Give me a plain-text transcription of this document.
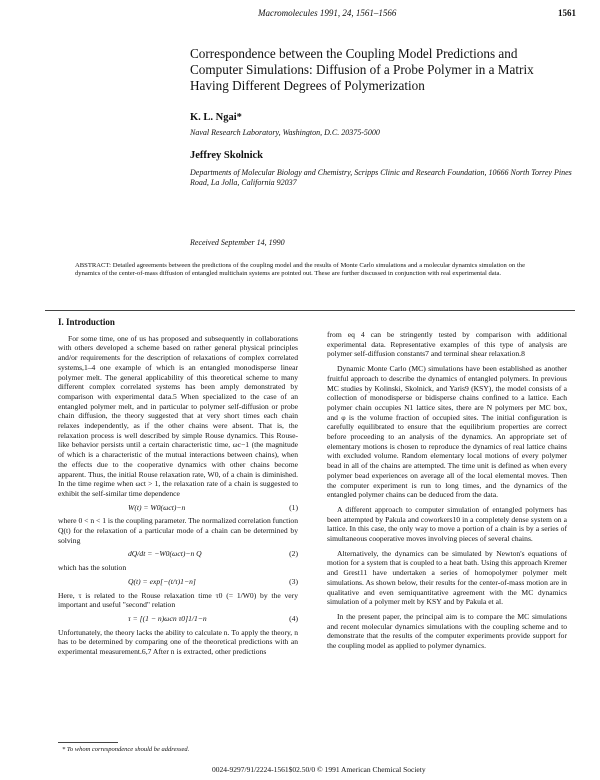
Macromolecules 1991, 24, 1561–1566	1561
Correspondence between the Coupling Model Predictions and Computer Simulations: Diffusion of a Probe Polymer in a Matrix Having Different Degrees of Polymerization
K. L. Ngai*
Naval Research Laboratory, Washington, D.C. 20375-5000
Jeffrey Skolnick
Departments of Molecular Biology and Chemistry, Scripps Clinic and Research Foundation, 10666 North Torrey Pines Road, La Jolla, California 92037
Received September 14, 1990
ABSTRACT: Detailed agreements between the predictions of the coupling model and the results of Monte Carlo simulations and a molecular dynamics simulation on the dynamics of the center-of-mass diffusion of entangled multichain systems are pointed out. These are further discussed in conjunction with real experimental data.
I. Introduction

For some time, one of us has proposed and subsequently in collaborations with others developed a scheme based on rather general physical principles and/or requirements for the description of relaxations of complex correlated systems,1–4 one example of which is an entangled monodisperse linear polymer melt. The general applicability of this theoretical scheme to many different complex correlated systems has been amply demonstrated by comparison with experimental data.5 When specialized to the case of an entangled polymer melt, and in particular to polymer self-diffusion or probe chain diffusion, the theory suggested that at very short times each chain relaxes independently, as if the other chains were absent. That is, the relaxation process is well described by simple Rouse dynamics. This Rouse-like behavior persists until a certain characteristic time, ωc−1 (the magnitude of which is a characteristic of the mutual interactions between chains), when the effects due to the cooperative dynamics with other chains become apparent. Thus, the initial Rouse relaxation rate, W0, of a chain is diminished. In the time regime when ωct > 1, the relaxation rate of a chain is suggested to exhibit the self-similar time dependence

W(t) = W0(ωct)−n	(1)

where 0 < n < 1 is the coupling parameter. The normalized correlation function Q(t) for the relaxation of a particular mode of a chain can be determined by solving

dQ/dt = −W0(ωct)−n Q	(2)

which has the solution

Q(t) = exp[−(t/τ)1−n]	(3)

Here, τ is related to the Rouse relaxation time τ0 (= 1/W0) by the very important and useful "second" relation

τ = [(1 − n)ωcn τ0]1/1−n	(4)

Unfortunately, the theory lacks the ability to calculate n. To apply the theory, n has to be determined by comparing one of the theoretical predictions with an experimental measurement.6,7 After n is extracted, other predictions

from eq 4 can be stringently tested by comparison with additional experimental data. Representative examples of this type of analysis are polymer self-diffusion constants7 and terminal shear relaxation.8

Dynamic Monte Carlo (MC) simulations have been established as another fruitful approach to describe the dynamics of entangled polymers. In previous MC studies by Kolinski, Skolnick, and Yaris9 (KSY), the model consists of a collection of monodisperse or bidisperse chains confined to a lattice. Each polymer chain occupies N1 lattice sites, there are N polymers per MC box, and φ is the volume fraction of occupied sites. The initial configuration is carefully equilibrated to ensure that the equilibrium properties are correct before proceeding to an analysis of the dynamics. An appropriate set of elementary motions is chosen to reproduce the dynamics of real lattice chains with excluded volume. Random elementary local motions of every polymer bead in all of the chains are attempted. The time unit is defined as when every polymer bead experiences on average all of the local elemental moves. Then the computer experiment is run to long times, and the dynamics of the entangled polymer chains can be deduced from the data.

A different approach to computer simulation of entangled polymers has been attempted by Pakula and coworkers10 in a completely dense system on a lattice. In this case, the only way to move a portion of a chain is by a series of simultaneous cooperative moves involving pieces of several chains.

Alternatively, the dynamics can be simulated by Newton's equations of motion for a system that is coupled to a heat bath. Using this approach Kremer and Grest11 have undertaken a series of homopolymer polymer melt simulations. As shown below, their results for the center-of-mass motion are in qualitative and even semiquantitative agreement with the MC dynamics simulation of a polymer melt by KSY and by Pakula et al.

In the present paper, the principal aim is to compare the MC simulations and recent molecular dynamics simulations with the coupling scheme and to demonstrate that the results of the computer experiments provide support for the coupling model as applied to polymer dynamics.

* To whom correspondence should be addressed.
0024-9297/91/2224-1561$02.50/0 © 1991 American Chemical Society
